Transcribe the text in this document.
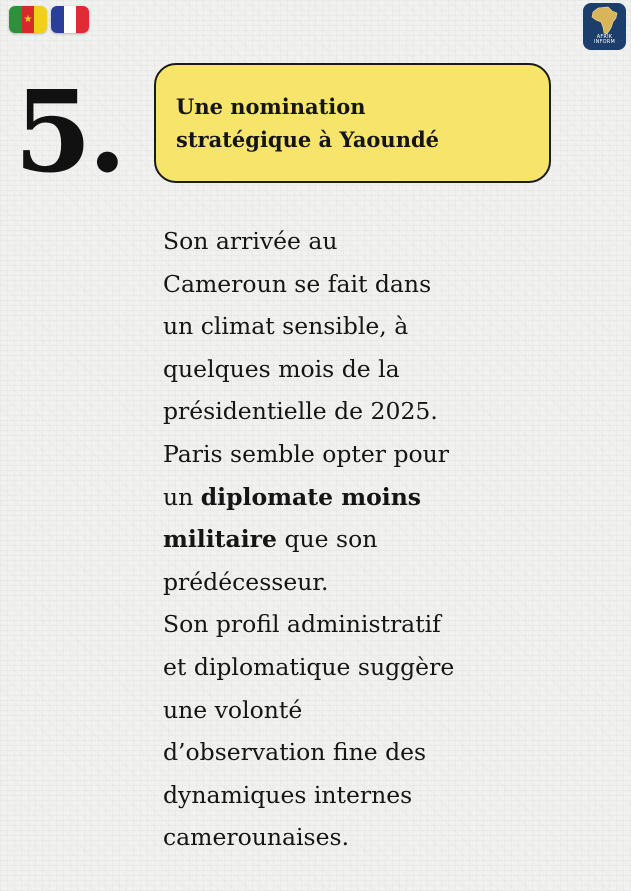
★
AFRIK
INFORM
5.	Une nomination
stratégique à Yaoundé
Son arrivée au
Cameroun se fait dans
un climat sensible, à
quelques mois de la
présidentielle de 2025.
Paris semble opter pour
un diplomate moins
militaire que son
prédécesseur.
Son profil administratif
et diplomatique suggère
une volonté
d’observation fine des
dynamiques internes
camerounaises.
